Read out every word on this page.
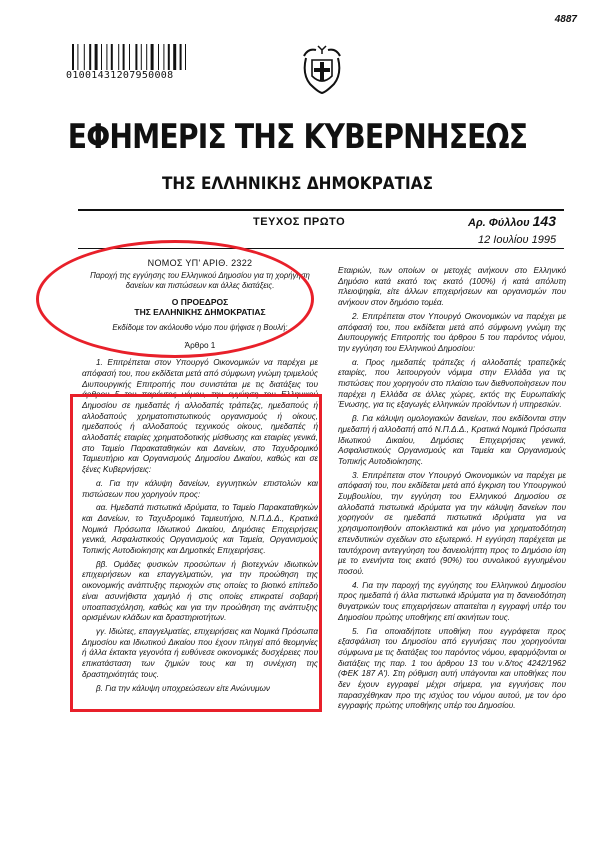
4887
01001431207950008
ΕΦΗΜΕΡΙΣ ΤΗΣ ΚΥΒΕΡΝΗΣΕΩΣ
ΤΗΣ ΕΛΛΗΝΙΚΗΣ ΔΗΜΟΚΡΑΤΙΑΣ
ΤΕΥΧΟΣ ΠΡΩΤΟ	Αρ. Φύλλου 143
12 Ιουλίου 1995
ΝΟΜΟΣ ΥΠ' ΑΡΙΘ. 2322
Παροχή της εγγύησης του Ελληνικού Δημοσίου για τη χορήγηση δανείων και πιστώσεων και άλλες διατάξεις.
Ο ΠΡΟΕΔΡΟΣ
ΤΗΣ ΕΛΛΗΝΙΚΗΣ ΔΗΜΟΚΡΑΤΙΑΣ
Εκδίδομε τον ακόλουθο νόμο που ψήφισε η Βουλή:
Άρθρο 1

1. Επιτρέπεται στον Υπουργό Οικονομικών να παρέχει με απόφασή του, που εκδίδεται μετά από σύμφωνη γνώμη τριμελούς Διυπουργικής Επιτροπής που συνιστάται με τις διατάξεις του άρθρου 5 του παρόντος νόμου, την εγγύηση του Ελληνικού Δημοσίου σε ημεδαπές ή αλλοδαπές τράπεζες, ημεδαπούς ή αλλοδαπούς χρηματοπιστωτικούς οργανισμούς ή οίκους, ημεδαπούς ή αλλοδαπούς τεχνικούς οίκους, ημεδαπές ή αλλοδαπές εταιρίες χρηματοδοτικής μίσθωσης και εταιρίες γενικά, στο Ταμείο Παρακαταθηκών και Δανείων, στο Ταχυδρομικό Ταμιευτήριο και Οργανισμούς Δημοσίου Δικαίου, καθώς και σε ξένες Κυβερνήσεις:

α. Για την κάλυψη δανείων, εγγυητικών επιστολών και πιστώσεων που χορηγούν προς:

αα. Ημεδαπά πιστωτικά ιδρύματα, το Ταμείο Παρακαταθηκών και Δανείων, το Ταχυδρομικό Ταμιευτήριο, Ν.Π.Δ.Δ., Κρατικά Νομικά Πρόσωπα Ιδιωτικού Δικαίου, Δημόσιες Επιχειρήσεις γενικά, Ασφαλιστικούς Οργανισμούς και Ταμεία, Οργανισμούς Τοπικής Αυτοδιοίκησης και Δημοτικές Επιχειρήσεις.

ββ. Ομάδες φυσικών προσώπων ή βιοτεχνών ιδιωτικών επιχειρήσεων και επαγγελματιών, για την προώθηση της οικονομικής ανάπτυξης περιοχών στις οποίες το βιοτικό επίπεδο είναι ασυνήθιστα χαμηλό ή στις οποίες επικρατεί σοβαρή υποαπασχόληση, καθώς και για την προώθηση της ανάπτυξης ορισμένων κλάδων και δραστηριοτήτων.

γγ. Ιδιώτες, επαγγελματίες, επιχειρήσεις και Νομικά Πρόσωπα Δημοσίου και Ιδιωτικού Δικαίου που έχουν πληγεί από θεομηνίες ή άλλα έκτακτα γεγονότα ή ευθύνεσε οικονομικές δυσχέρειες που επικατάσταση των ζημιών τους και τη συνέχιση της δραστηριότητάς τους.

β. Για την κάλυψη υποχρεώσεων είτε Ανώνυμων

Εταιριών, των οποίων οι μετοχές ανήκουν στο Ελληνικό Δημόσιο κατά εκατό τοις εκατό (100%) ή κατά απόλυτη πλειοψηφία, είτε άλλων επιχειρήσεων και οργανισμών που ανήκουν στον δημόσιο τομέα.

2. Επιτρέπεται στον Υπουργό Οικονομικών να παρέχει με απόφασή του, που εκδίδεται μετά από σύμφωνη γνώμη της Διυπουργικής Επιτροπής του άρθρου 5 του παρόντος νόμου, την εγγύηση του Ελληνικού Δημοσίου:

α. Προς ημεδαπές τράπεζες ή αλλοδαπές τραπεζικές εταιρίες, που λειτουργούν νόμιμα στην Ελλάδα για τις πιστώσεις που χορηγούν στο πλαίσιο των διεθνοποίησεων που παρέχει η Ελλάδα σε άλλες χώρες, εκτός της Ευρωπαϊκής Ένωσης, για τις εξαγωγές ελληνικών προϊόντων ή υπηρεσιών.

β. Για κάλυψη ομολογιακών δανείων, που εκδίδονται στην ημεδαπή ή αλλοδαπή από Ν.Π.Δ.Δ., Κρατικά Νομικά Πρόσωπα Ιδιωτικού Δικαίου, Δημόσιες Επιχειρήσεις γενικά, Ασφαλιστικούς Οργανισμούς και Ταμεία και Οργανισμούς Τοπικής Αυτοδιοίκησης.

3. Επιτρέπεται στον Υπουργό Οικονομικών να παρέχει με απόφασή του, που εκδίδεται μετά από έγκριση του Υπουργικού Συμβουλίου, την εγγύηση του Ελληνικού Δημοσίου σε αλλοδαπά πιστωτικά ιδρύματα για την κάλυψη δανείων που χορηγούν σε ημεδαπά πιστωτικά ιδρύματα για να χρησιμοποιηθούν αποκλειστικά και μόνο για χρηματοδότηση επενδυτικών σχεδίων στο εξωτερικό. Η εγγύηση παρέχεται με ταυτόχρονη αντεγγύηση του δανειολήπτη προς το Δημόσιο ίση με το ενενήντα τοις εκατό (90%) του συνολικού εγγυημένου ποσού.

4. Για την παροχή της εγγύησης του Ελληνικού Δημοσίου προς ημεδαπά ή άλλα πιστωτικά ιδρύματα για τη δανειοδότηση θυγατρικών τους επιχειρήσεων απαιτείται η εγγραφή υπέρ του Δημοσίου πρώτης υποθήκης επί ακινήτων τους.

5. Για οποιαδήποτε υποθήκη που εγγράφεται προς εξασφάλιση του Δημοσίου από εγγυήσεις που χορηγούνται σύμφωνα με τις διατάξεις του παρόντος νόμου, εφαρμόζονται οι διατάξεις της παρ. 1 του άρθρου 13 του ν.δ/τος 4242/1962 (ΦΕΚ 187 Α'). Στη ρύθμιση αυτή υπάγονται και υποθήκες που δεν έχουν εγγραφεί μέχρι σήμερα, για εγγυήσεις που παρασχέθηκαν προ της ισχύος του νόμου αυτού, με τον όρο εγγραφής πρώτης υποθήκης υπέρ του Δημοσίου.
